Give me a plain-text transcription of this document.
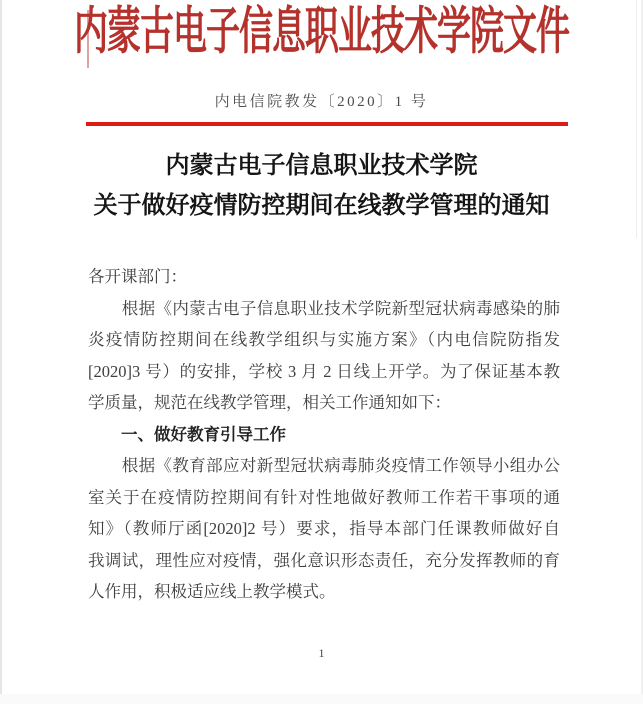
内蒙古电子信息职业技术学院文件
内电信院教发〔2020〕1 号
内蒙古电子信息职业技术学院
关于做好疫情防控期间在线教学管理的通知
各开课部门：
　　根据《内蒙古电子信息职业技术学院新型冠状病毒感染的肺
炎疫情防控期间在线教学组织与实施方案》（内电信院防指发
[2020]3 号）的安排，学校 3 月 2 日线上开学。为了保证基本教
学质量，规范在线教学管理，相关工作通知如下：
　　一、做好教育引导工作
　　根据《教育部应对新型冠状病毒肺炎疫情工作领导小组办公
室关于在疫情防控期间有针对性地做好教师工作若干事项的通
知》（教师厅函[2020]2 号）要求，指导本部门任课教师做好自
我调试，理性应对疫情，强化意识形态责任，充分发挥教师的育
人作用，积极适应线上教学模式。
1
